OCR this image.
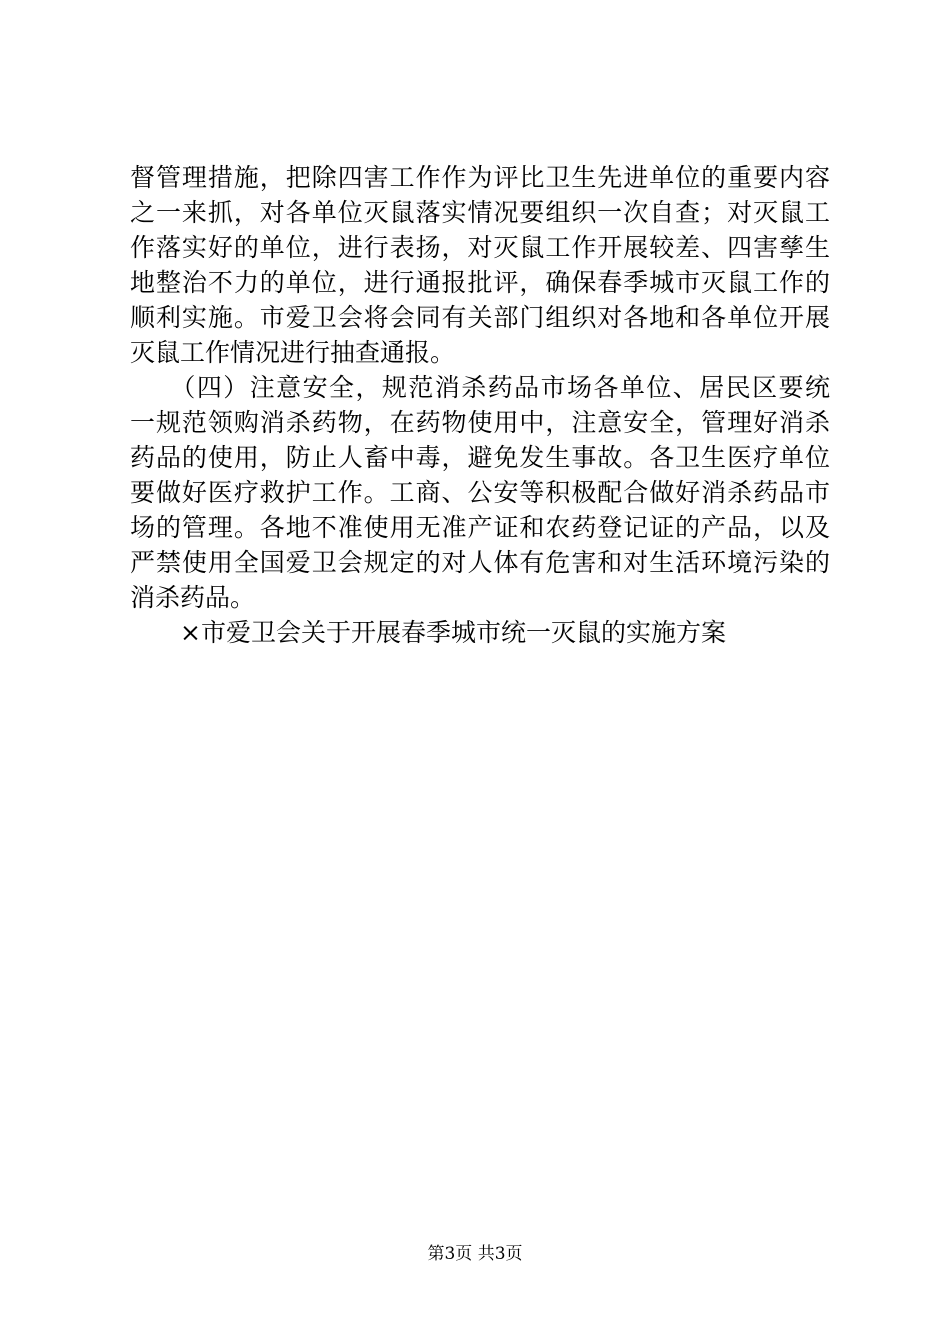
督管理措施，把除四害工作作为评比卫生先进单位的重要内容
之一来抓，对各单位灭鼠落实情况要组织一次自查；对灭鼠工
作落实好的单位，进行表扬，对灭鼠工作开展较差、四害孳生
地整治不力的单位，进行通报批评，确保春季城市灭鼠工作的
顺利实施。市爱卫会将会同有关部门组织对各地和各单位开展
灭鼠工作情况进行抽查通报。
　　（四）注意安全，规范消杀药品市场各单位、居民区要统
一规范领购消杀药物，在药物使用中，注意安全，管理好消杀
药品的使用，防止人畜中毒，避免发生事故。各卫生医疗单位
要做好医疗救护工作。工商、公安等积极配合做好消杀药品市
场的管理。各地不准使用无准产证和农药登记证的产品，以及
严禁使用全国爱卫会规定的对人体有危害和对生活环境污染的
消杀药品。
　　×市爱卫会关于开展春季城市统一灭鼠的实施方案
第3页 共3页
